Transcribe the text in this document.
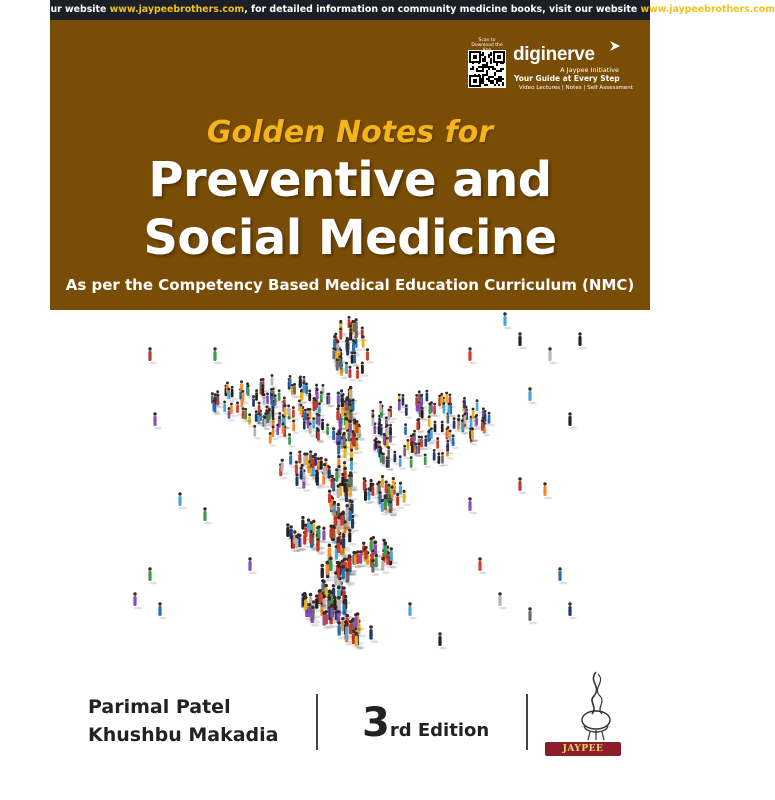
our website www.jaypeebrothers.com, for detailed information on community medicine books, visit our website www.jaypeebrothers.com
Scan to Download the diginerve
A Jaypee Initiative
Your Guide at Every Step
Video Lectures | Notes | Self Assessment
Golden Notes for
Preventive and
Social Medicine
As per the Competency Based Medical Education Curriculum (NMC)
Parimal Patel
Khushbu Makadia 3rd Edition
JAYPEE
